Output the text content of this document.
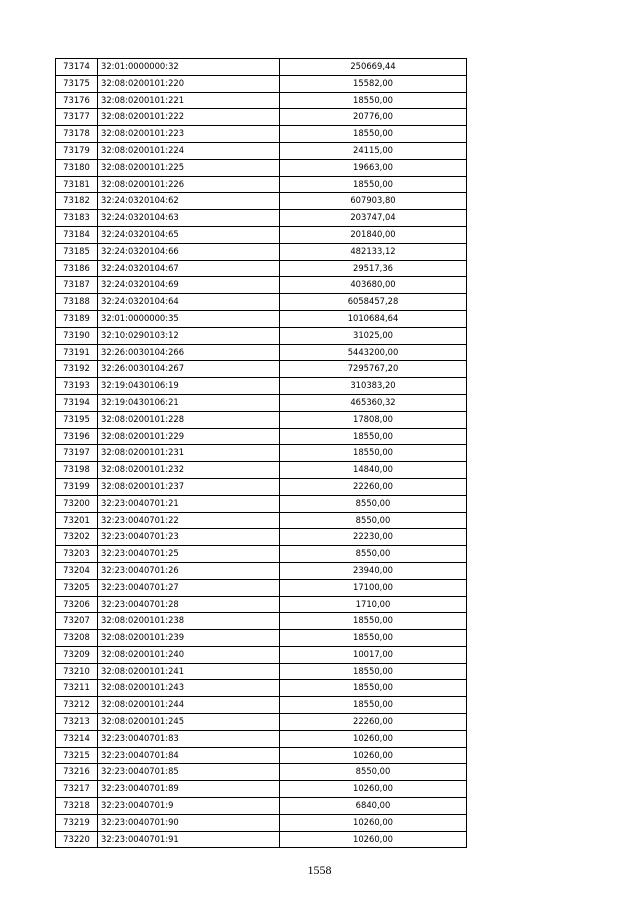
73174	32:01:0000000:32	250669,44
73175	32:08:0200101:220	15582,00
73176	32:08:0200101:221	18550,00
73177	32:08:0200101:222	20776,00
73178	32:08:0200101:223	18550,00
73179	32:08:0200101:224	24115,00
73180	32:08:0200101:225	19663,00
73181	32:08:0200101:226	18550,00
73182	32:24:0320104:62	607903,80
73183	32:24:0320104:63	203747,04
73184	32:24:0320104:65	201840,00
73185	32:24:0320104:66	482133,12
73186	32:24:0320104:67	29517,36
73187	32:24:0320104:69	403680,00
73188	32:24:0320104:64	6058457,28
73189	32:01:0000000:35	1010684,64
73190	32:10:0290103:12	31025,00
73191	32:26:0030104:266	5443200,00
73192	32:26:0030104:267	7295767,20
73193	32:19:0430106:19	310383,20
73194	32:19:0430106:21	465360,32
73195	32:08:0200101:228	17808,00
73196	32:08:0200101:229	18550,00
73197	32:08:0200101:231	18550,00
73198	32:08:0200101:232	14840,00
73199	32:08:0200101:237	22260,00
73200	32:23:0040701:21	8550,00
73201	32:23:0040701:22	8550,00
73202	32:23:0040701:23	22230,00
73203	32:23:0040701:25	8550,00
73204	32:23:0040701:26	23940,00
73205	32:23:0040701:27	17100,00
73206	32:23:0040701:28	1710,00
73207	32:08:0200101:238	18550,00
73208	32:08:0200101:239	18550,00
73209	32:08:0200101:240	10017,00
73210	32:08:0200101:241	18550,00
73211	32:08:0200101:243	18550,00
73212	32:08:0200101:244	18550,00
73213	32:08:0200101:245	22260,00
73214	32:23:0040701:83	10260,00
73215	32:23:0040701:84	10260,00
73216	32:23:0040701:85	8550,00
73217	32:23:0040701:89	10260,00
73218	32:23:0040701:9	6840,00
73219	32:23:0040701:90	10260,00
73220	32:23:0040701:91	10260,00
1558
